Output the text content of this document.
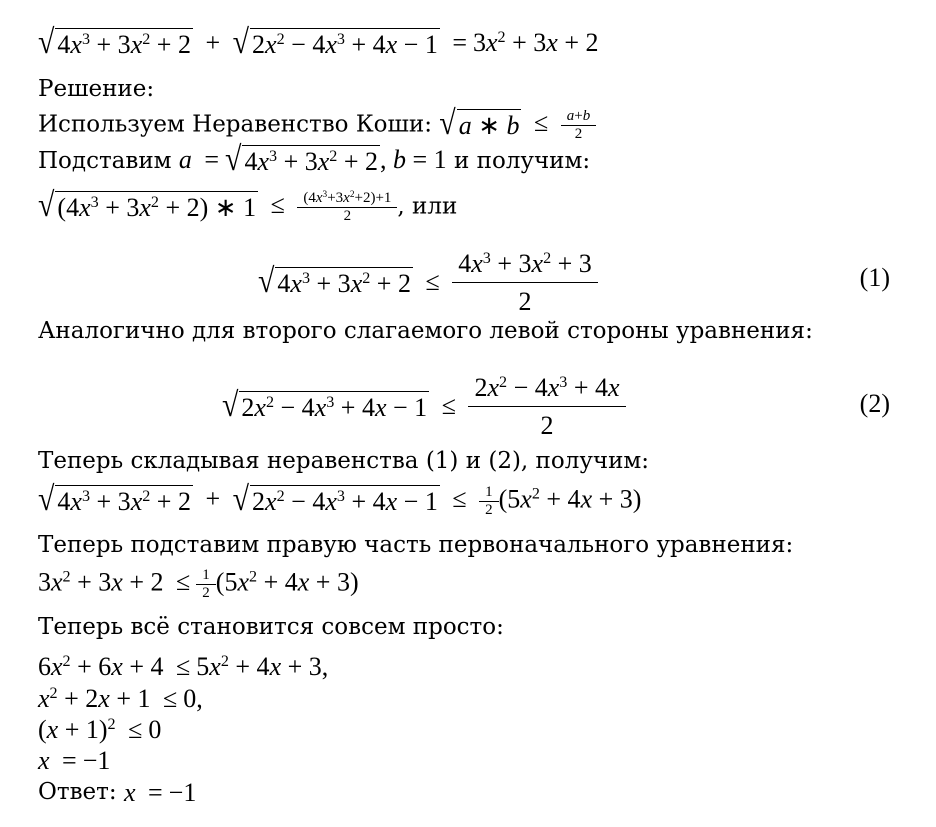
√ $4x^3 + 3x^2 + 2$ + √ $2x^2 - 4x^3 + 4x - 1 = 3x^2 + 3x + 2$
Решение:
Используем Неравенство Коши: √ a ∗ $b \le \frac{a+b}{2}$
Подставим a = √ $4x^3 + 3x^2 + 2$ , b = 1 и получим:
√ $(4x^3 + 3x^2 + 2)$ ∗ $1 \le \frac{(4x^3+3x^2+2)+1}{2}$ , или
√ $4x^3 + 3x^2 + 2 \le \frac{4x^3 + 3x^2 + 3}{2}$	(1)
Аналогично для второго слагаемого левой стороны уравнения:
√ $2x^2 - 4x^3 + 4x - 1 \le \frac{2x^2 - 4x^3 + 4x}{2}$	(2)
Теперь складывая неравенства (1) и (2), получим:
√ $4x^3 + 3x^2 + 2$ + √ $2x^2 - 4x^3 + 4x - 1 \le \frac{1}{2} (5x^2 + 4x + 3)$
Теперь подставим правую часть первоначального уравнения:
$3x^2 + 3x + 2 \le \frac{1}{2} (5x^2 + 4x + 3)$
Теперь всё становится совсем просто:
$6x^2 + 6x + 4 \le 5x^2 + 4x + 3$,
$x^2 + 2x + 1 \le 0$,
$(x + 1)^2 \le 0$
x = −1
Ответ: x = −1
